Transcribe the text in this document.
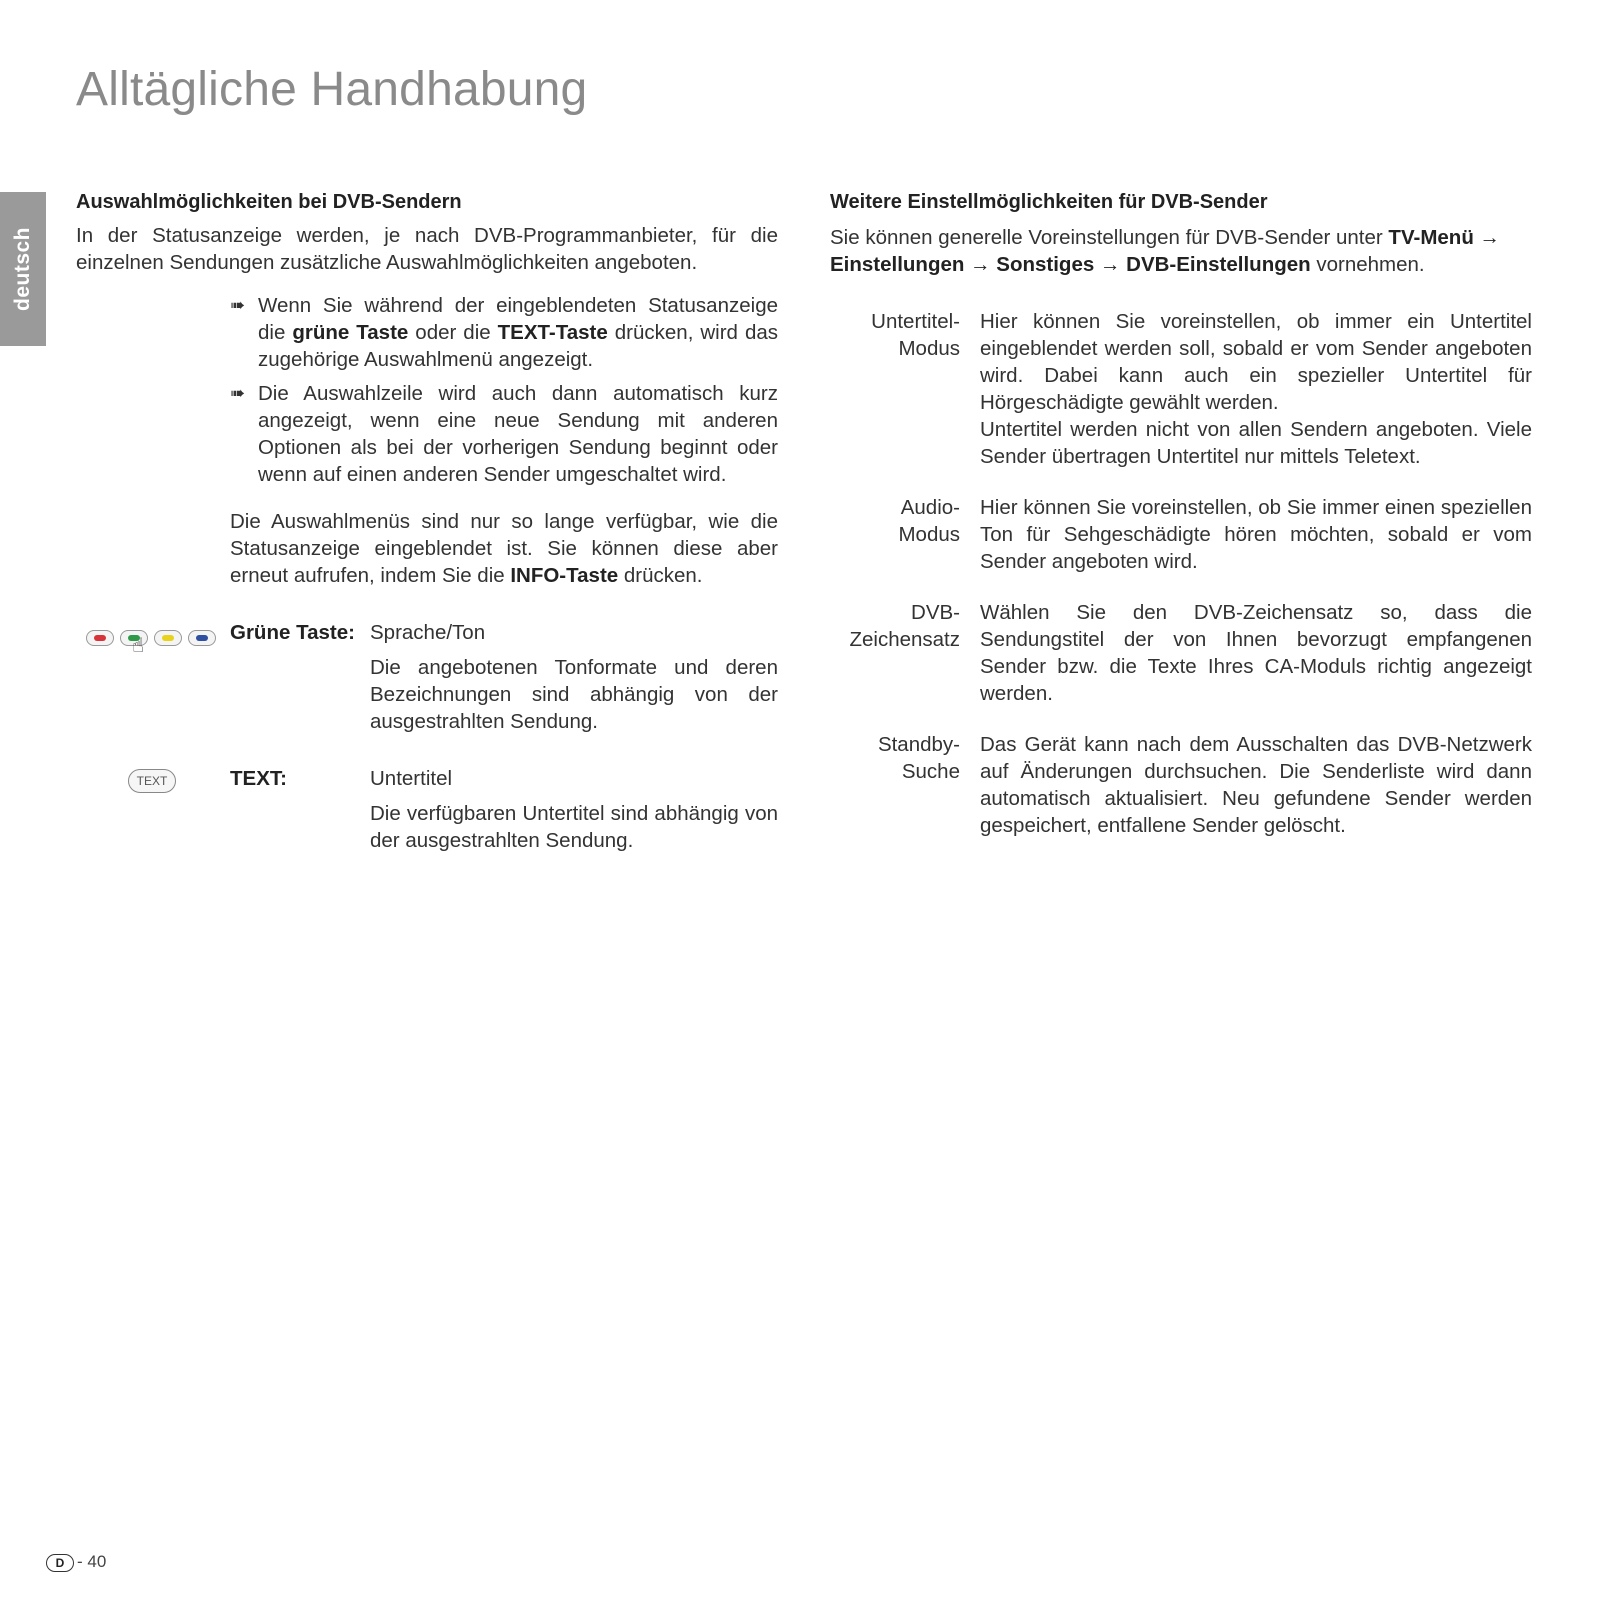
Alltägliche Handhabung
deutsch
Auswahlmöglichkeiten bei DVB-Sendern

In der Statusanzeige werden, je nach DVB-Programmanbieter, für die einzelnen Sendungen zusätzliche Auswahlmöglichkeiten angeboten.

➠ Wenn Sie während der eingeblendeten Statusanzeige die grüne Taste oder die TEXT-Taste drücken, wird das zugehörige Auswahlmenü angezeigt.
➠ Die Auswahlzeile wird auch dann automatisch kurz angezeigt, wenn eine neue Sendung mit anderen Optionen als bei der vorherigen Sendung beginnt oder wenn auf einen anderen Sender umgeschaltet wird.

Die Auswahlmenüs sind nur so lange verfügbar, wie die Statusanzeige eingeblendet ist. Sie können diese aber erneut aufrufen, indem Sie die INFO-Taste drücken.

☝
Grüne Taste: Sprache/Ton

Die angebotenen Tonformate und deren Bezeichnungen sind abhängig von der ausgestrahlten Sendung.

TEXT	TEXT:	Untertitel

Die verfügbaren Untertitel sind abhängig von der ausgestrahlten Sendung.

Weitere Einstellmöglichkeiten für DVB-Sender

Sie können generelle Voreinstellungen für DVB-Sender unter TV-Menü → Einstellungen → Sonstiges → DVB-Einstellungen vornehmen.

Untertitel-
Modus

Hier können Sie voreinstellen, ob immer ein Untertitel eingeblendet werden soll, sobald er vom Sender angeboten wird. Dabei kann auch ein spezieller Untertitel für Hörgeschädigte gewählt werden.

Untertitel werden nicht von allen Sendern angeboten. Viele Sender übertragen Untertitel nur mittels Teletext.

Audio-
Modus

Hier können Sie voreinstellen, ob Sie immer einen speziellen Ton für Sehgeschädigte hören möchten, sobald er vom Sender angeboten wird.

DVB-
Zeichensatz

Wählen Sie den DVB-Zeichensatz so, dass die Sendungstitel der von Ihnen bevorzugt empfangenen Sender bzw. die Texte Ihres CA-Moduls richtig angezeigt werden.

Standby-
Suche

Das Gerät kann nach dem Ausschalten das DVB-Netzwerk auf Änderungen durchsuchen. Die Senderliste wird dann automatisch aktualisiert. Neu gefundene Sender werden gespeichert, entfallene Sender gelöscht.

D - 40
